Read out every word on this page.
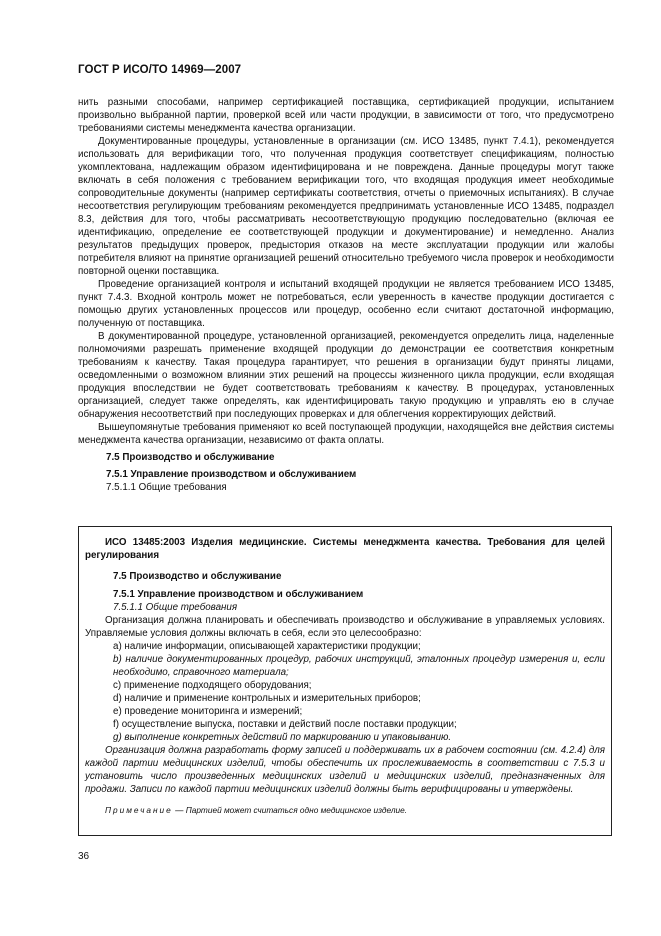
ГОСТ Р ИСО/ТО 14969—2007

нить разными способами, например сертификацией поставщика, сертификацией продукции, испытанием произвольно выбранной партии, проверкой всей или части продукции, в зависимости от того, что предусмотрено требованиями системы менеджмента качества организации.

Документированные процедуры, установленные в организации (см. ИСО 13485, пункт 7.4.1), рекомендуется использовать для верификации того, что полученная продукция соответствует спецификациям, полностью укомплектована, надлежащим образом идентифицирована и не повреждена. Данные процедуры могут также включать в себя положения с требованием верификации того, что входящая продукция имеет необходимые сопроводительные документы (например сертификаты соответствия, отчеты о приемочных испытаниях). В случае несоответствия регулирующим требованиям рекомендуется предпринимать установленные ИСО 13485, подраздел 8.3, действия для того, чтобы рассматривать несоответствующую продукцию последовательно (включая ее идентификацию, определение ее соответствующей продукции и документирование) и немедленно. Анализ результатов предыдущих проверок, предыстория отказов на месте эксплуатации продукции или жалобы потребителя влияют на принятие организацией решений относительно требуемого числа проверок и необходимости повторной оценки поставщика.

Проведение организацией контроля и испытаний входящей продукции не является требованием ИСО 13485, пункт 7.4.3. Входной контроль может не потребоваться, если уверенность в качестве продукции достигается с помощью других установленных процессов или процедур, особенно если считают достаточной информацию, полученную от поставщика.

В документированной процедуре, установленной организацией, рекомендуется определить лица, наделенные полномочиями разрешать применение входящей продукции до демонстрации ее соответствия конкретным требованиям к качеству. Такая процедура гарантирует, что решения в организации будут приняты лицами, осведомленными о возможном влиянии этих решений на процессы жизненного цикла продукции, если входящая продукция впоследствии не будет соответствовать требованиям к качеству. В процедурах, установленных организацией, следует также определять, как идентифицировать такую продукцию и управлять ею в случае обнаружения несоответствий при последующих проверках и для облегчения корректирующих действий.

Вышеупомянутые требования применяют ко всей поступающей продукции, находящейся вне действия системы менеджмента качества организации, независимо от факта оплаты.

7.5 Производство и обслуживание

7.5.1 Управление производством и обслуживанием

7.5.1.1 Общие требования

ИСО 13485:2003 Изделия медицинские. Системы менеджмента качества. Требования для целей регулирования

7.5 Производство и обслуживание

7.5.1 Управление производством и обслуживанием

7.5.1.1 Общие требования

Организация должна планировать и обеспечивать производство и обслуживание в управляемых условиях. Управляемые условия должны включать в себя, если это целесообразно:

a) наличие информации, описывающей характеристики продукции;

b) наличие документированных процедур, рабочих инструкций, эталонных процедур измерения и, если необходимо, справочного материала;

c) применение подходящего оборудования;

d) наличие и применение контрольных и измерительных приборов;

e) проведение мониторинга и измерений;

f) осуществление выпуска, поставки и действий после поставки продукции;

g) выполнение конкретных действий по маркированию и упаковыванию.

Организация должна разработать форму записей и поддерживать их в рабочем состоянии (см. 4.2.4) для каждой партии медицинских изделий, чтобы обеспечить их прослеживаемость в соответствии с 7.5.3 и установить число произведенных медицинских изделий и медицинских изделий, предназначенных для продажи. Записи по каждой партии медицинских изделий должны быть верифицированы и утверждены.

Примечание — Партией может считаться одно медицинское изделие.

36
